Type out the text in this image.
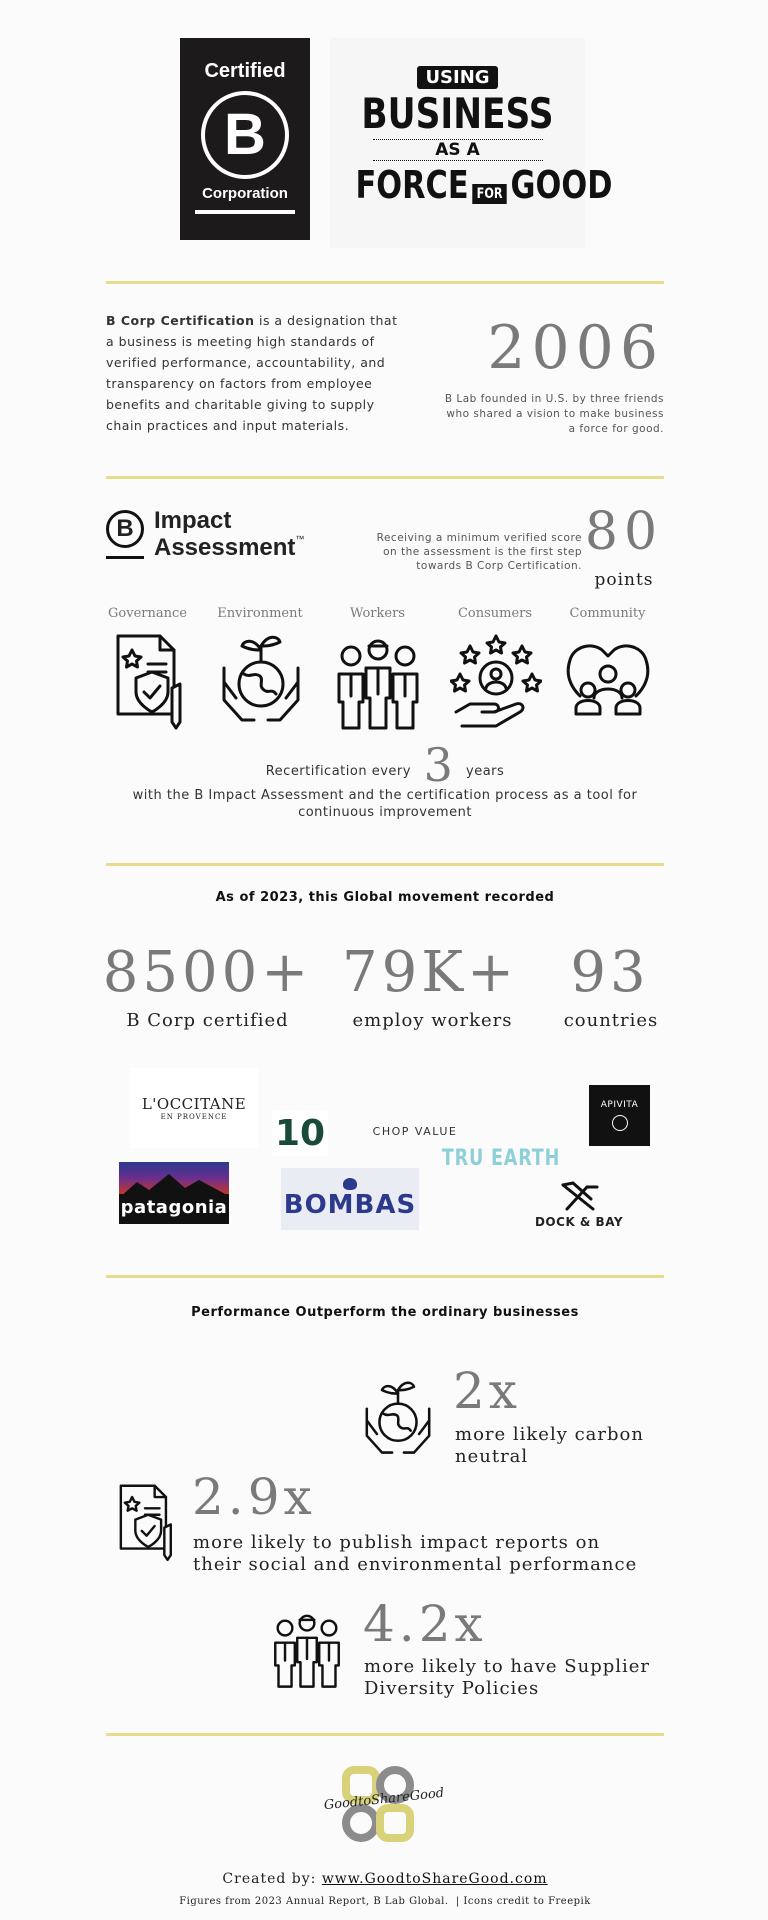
Certified
B
Corporation
USING
BUSINESS
AS A
FORCE FOR GOOD
B Corp Certification is a designation that a business is meeting high standards of verified performance, accountability, and transparency on factors from employee benefits and charitable giving to supply chain practices and input materials.
2006
B Lab founded in U.S. by three friends who shared a vision to make business a force for good.
B Impact
Assessment™	Receiving a minimum verified score on the assessment is the first step towards B Corp Certification.
80
points
Governance	Environment	Workers	Consumers	Community
Recertification every 3 years
with the B Impact Assessment and the certification process as a tool for continuous improvement
As of 2023, this Global movement recorded
8500+
B Corp certified
79K+
employ workers
93
countries
L'OCCITANE
EN PROVENCE 10	CHOP VALUE
TRU EARTH
APIVITA
patagonia BOMBAS
DOCK & BAY
Performance Outperform the ordinary businesses
2x
more likely carbon neutral
2.9x
more likely to publish impact reports on their social and environmental performance
4.2x
more likely to have Supplier Diversity Policies
GoodtoShareGood
Created by: www.GoodtoShareGood.com
Figures from 2023 Annual Report, B Lab Global.  | Icons credit to Freepik
